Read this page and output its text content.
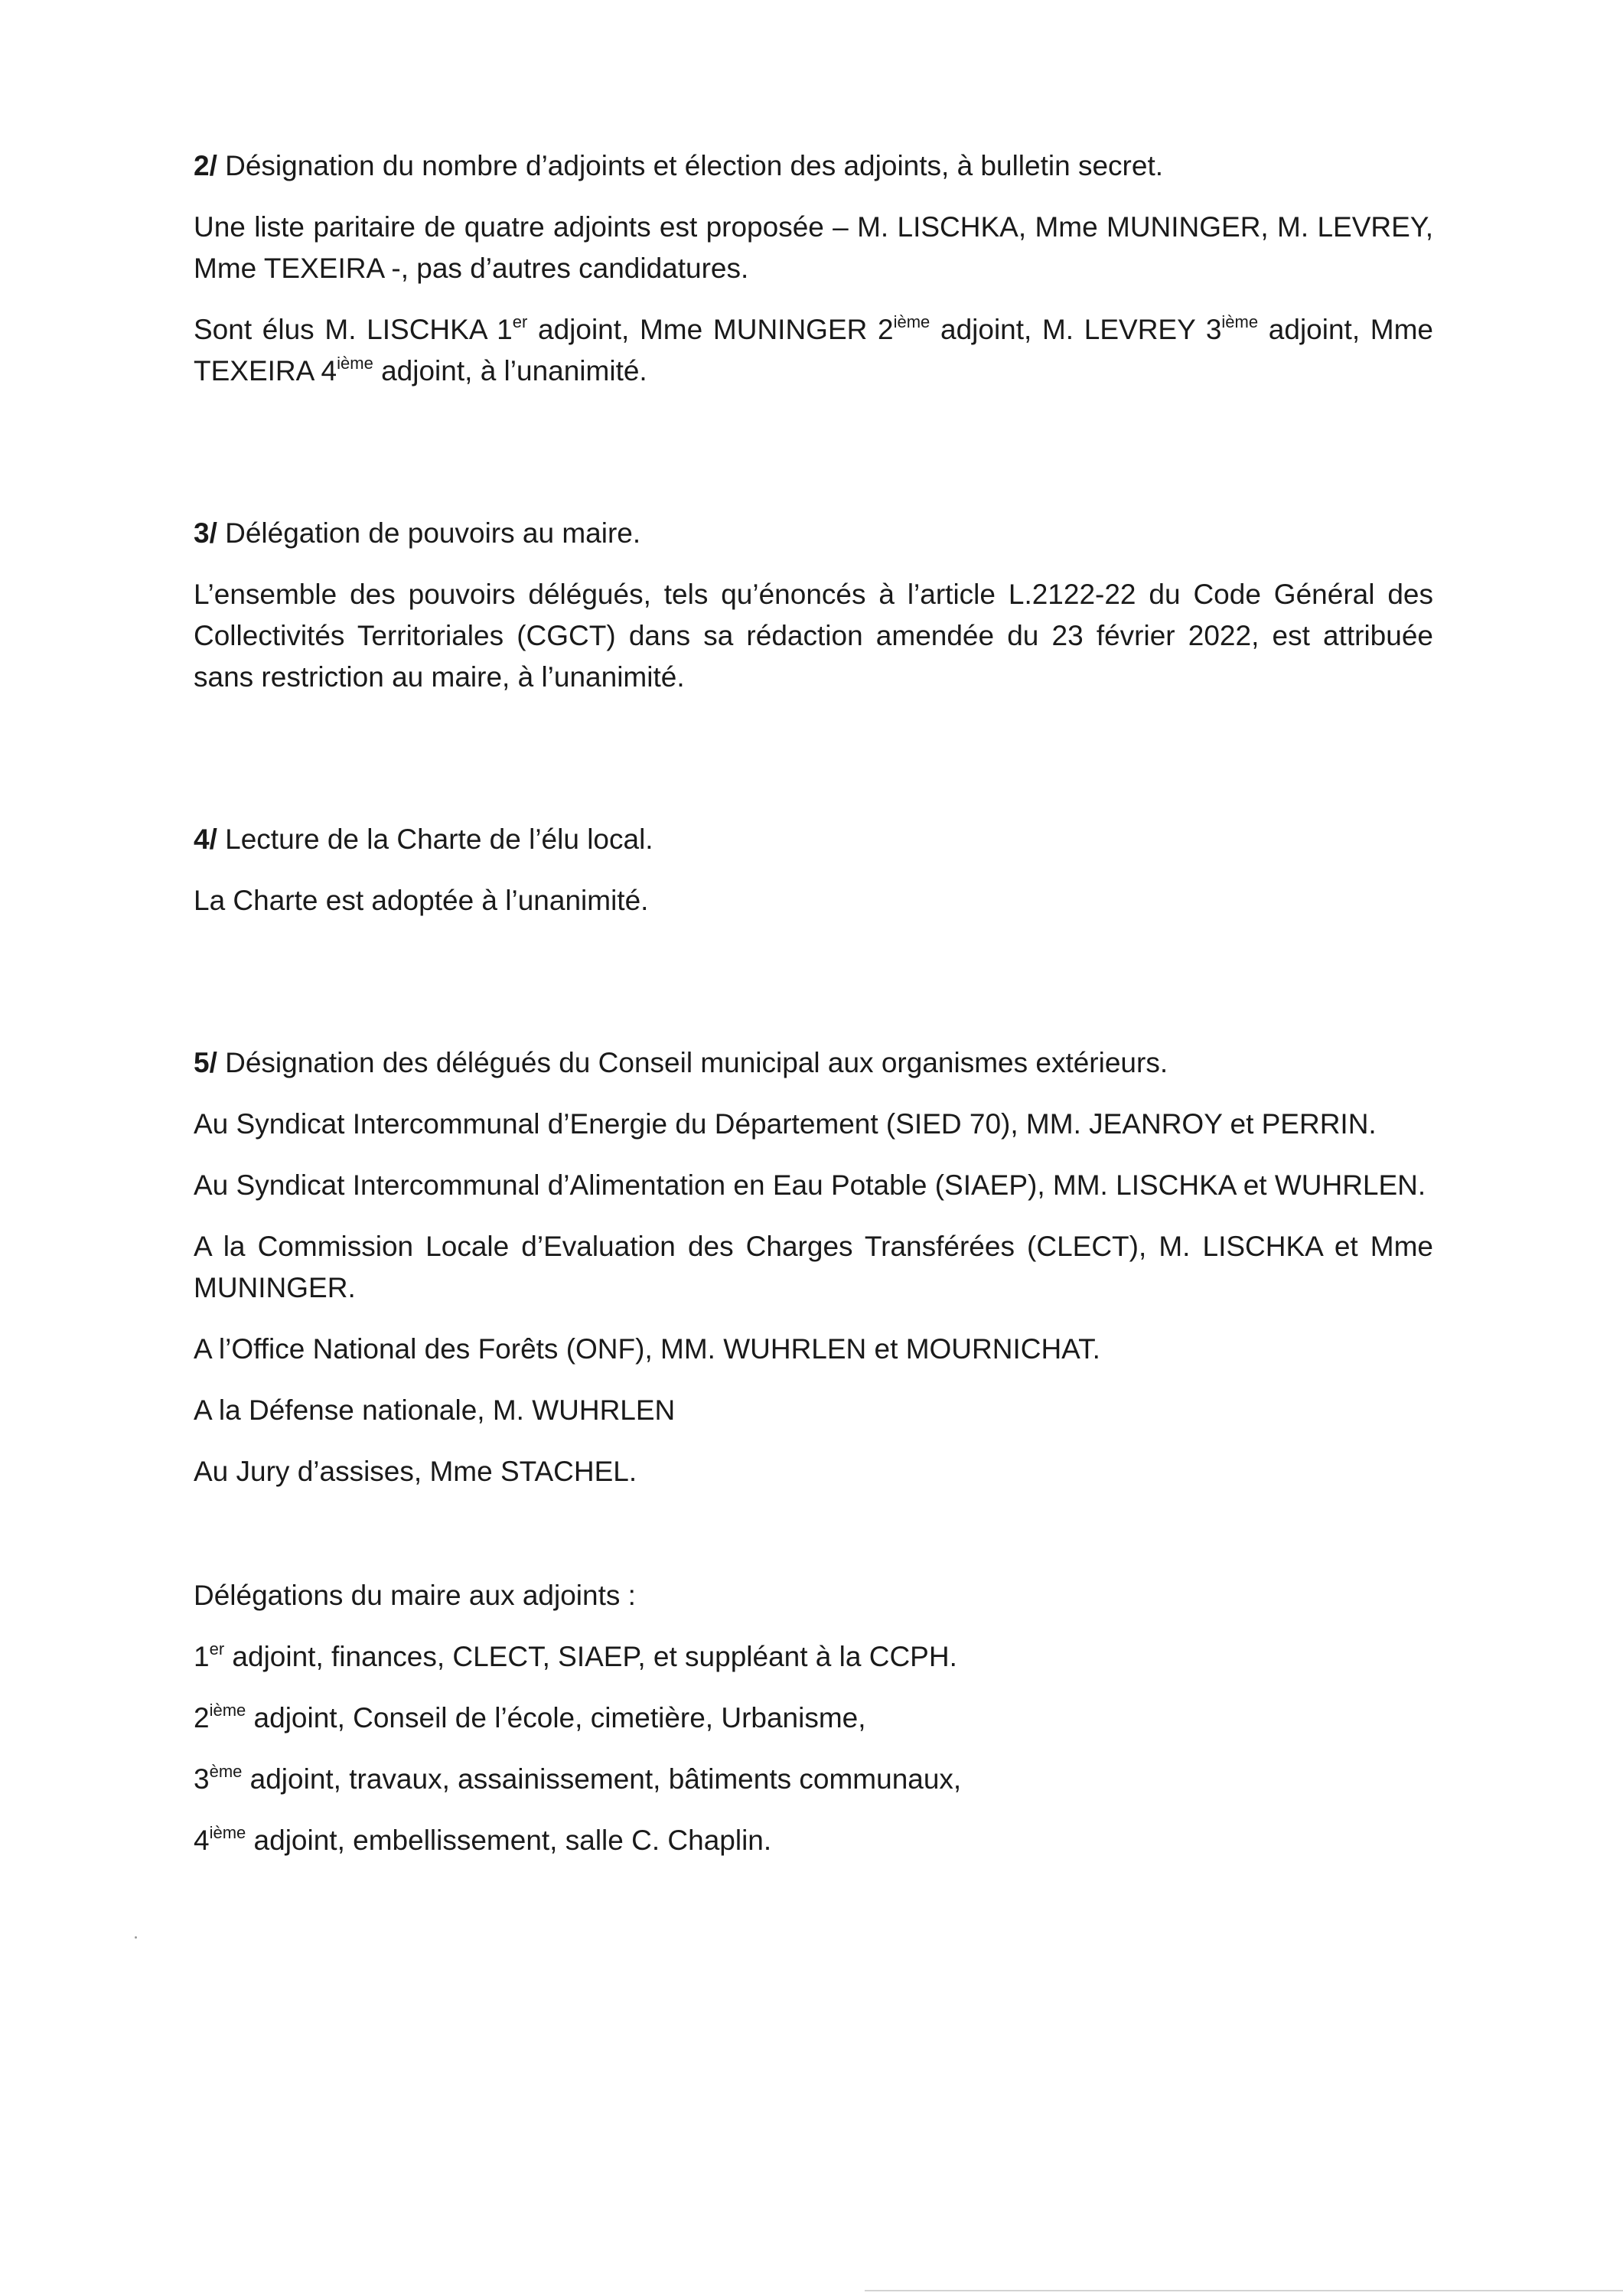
2/ Désignation du nombre d’adjoints et élection des adjoints, à bulletin secret.

Une liste paritaire de quatre adjoints est proposée – M. LISCHKA, Mme MUNINGER, M. LEVREY, Mme TEXEIRA -, pas d’autres candidatures.

Sont élus M. LISCHKA 1er adjoint, Mme MUNINGER 2ième adjoint, M. LEVREY 3ième adjoint, Mme TEXEIRA 4ième adjoint, à l’unanimité.

3/ Délégation de pouvoirs au maire.

L’ensemble des pouvoirs délégués, tels qu’énoncés à l’article L.2122-22 du Code Général des Collectivités Territoriales (CGCT) dans sa rédaction amendée du 23 février 2022, est attribuée sans restriction au maire, à l’unanimité.

4/ Lecture de la Charte de l’élu local.

La Charte est adoptée à l’unanimité.

5/ Désignation des délégués du Conseil municipal aux organismes extérieurs.

Au Syndicat Intercommunal d’Energie du Département (SIED 70), MM. JEANROY et PERRIN.

Au Syndicat Intercommunal d’Alimentation en Eau Potable (SIAEP), MM. LISCHKA et WUHRLEN.

A la Commission Locale d’Evaluation des Charges Transférées (CLECT), M. LISCHKA et Mme MUNINGER.

A l’Office National des Forêts (ONF), MM. WUHRLEN et MOURNICHAT.

A la Défense nationale, M. WUHRLEN

Au Jury d’assises, Mme STACHEL.

Délégations du maire aux adjoints :

1er adjoint, finances, CLECT, SIAEP, et suppléant à la CCPH.

2ième adjoint, Conseil de l’école, cimetière, Urbanisme,

3ème adjoint, travaux, assainissement, bâtiments communaux,

4ième adjoint, embellissement, salle C. Chaplin.
